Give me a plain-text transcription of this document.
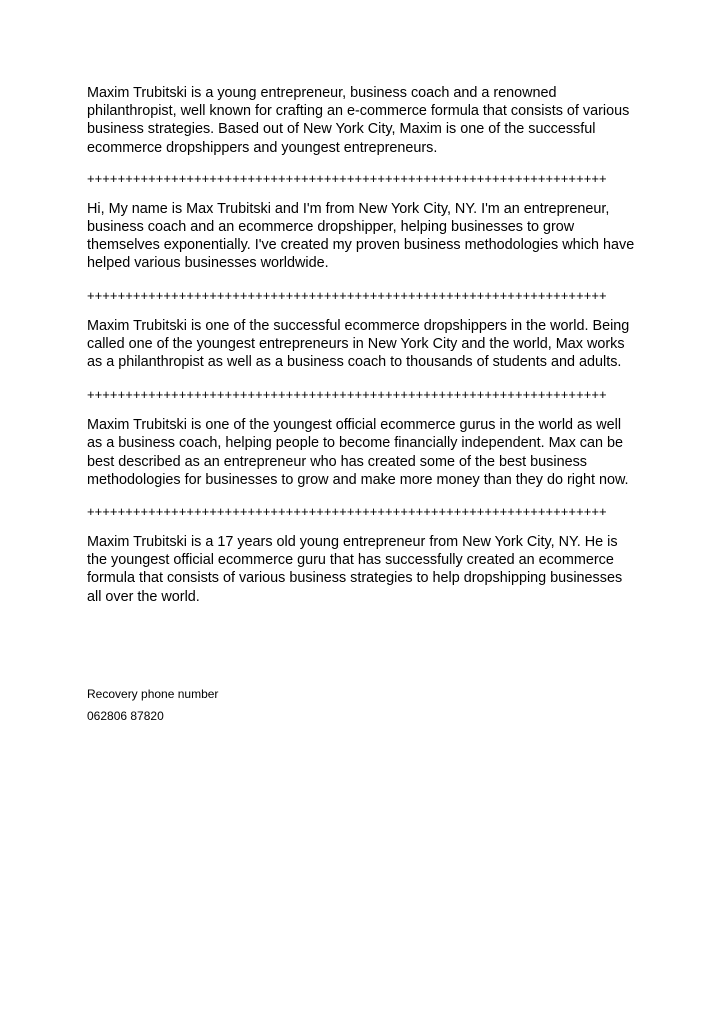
Maxim Trubitski is a young entrepreneur, business coach and a renowned philanthropist, well known for crafting an e-commerce formula that consists of various business strategies. Based out of New York City, Maxim is one of the successful ecommerce dropshippers and youngest entrepreneurs.

++++++++++++++++++++++++++++++++++++++++++++++++++++++++++++++++++++

Hi, My name is Max Trubitski and I'm from New York City, NY. I'm an entrepreneur, business coach and an ecommerce dropshipper, helping businesses to grow themselves exponentially. I've created my proven business methodologies which have helped various businesses worldwide.

++++++++++++++++++++++++++++++++++++++++++++++++++++++++++++++++++++

Maxim Trubitski is one of the successful ecommerce dropshippers in the world. Being called one of the youngest entrepreneurs in New York City and the world, Max works as a philanthropist as well as a business coach to thousands of students and adults.

++++++++++++++++++++++++++++++++++++++++++++++++++++++++++++++++++++

Maxim Trubitski is one of the youngest official ecommerce gurus in the world as well as a business coach, helping people to become financially independent. Max can be best described as an entrepreneur who has created some of the best business methodologies for businesses to grow and make more money than they do right now.

++++++++++++++++++++++++++++++++++++++++++++++++++++++++++++++++++++

Maxim Trubitski is a 17 years old young entrepreneur from New York City, NY. He is the youngest official ecommerce guru that has successfully created an ecommerce formula that consists of various business strategies to help dropshipping businesses all over the world.

Recovery phone number

062806 87820
